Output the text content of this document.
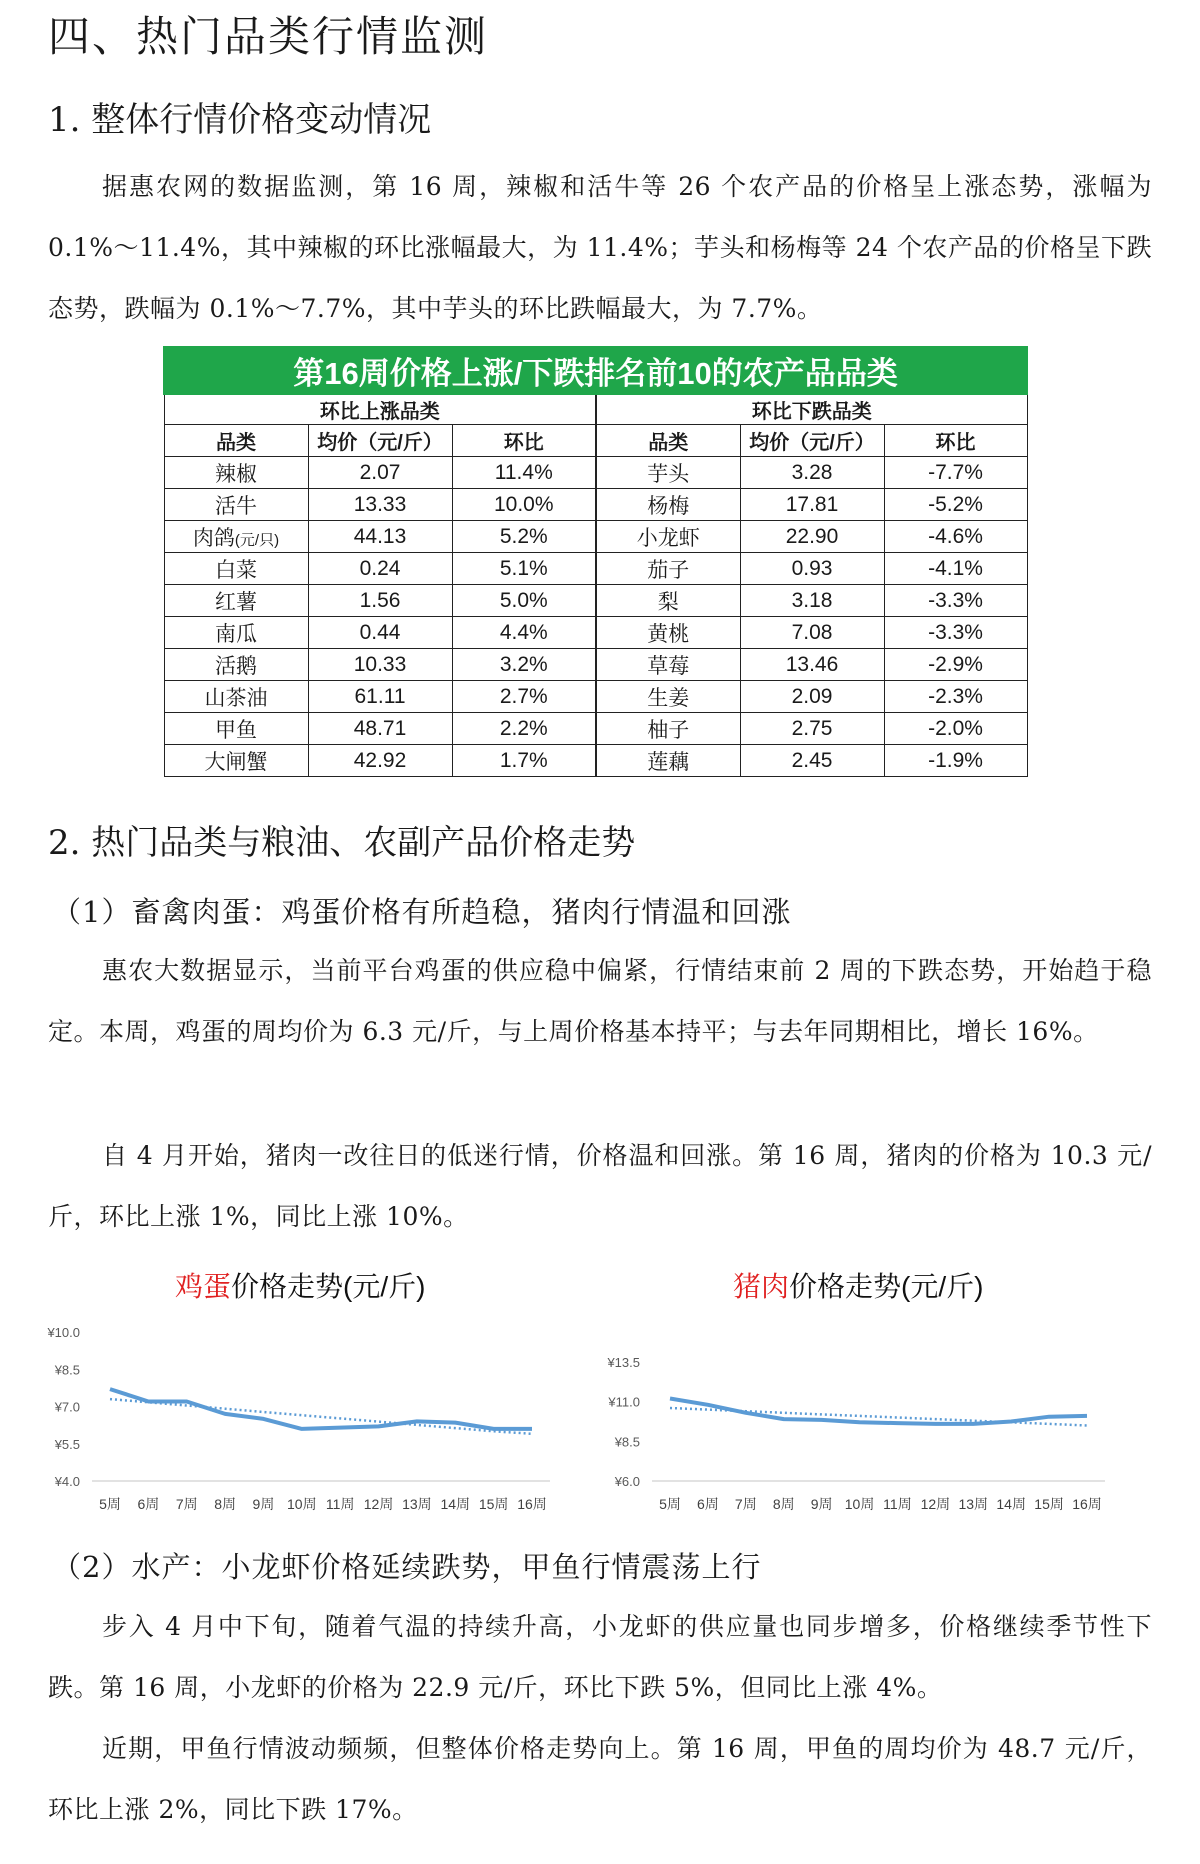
四、热门品类行情监测
1. 整体行情价格变动情况

据惠农网的数据监测，第 16 周，辣椒和活牛等 26 个农产品的价格呈上涨态势，涨幅为 0.1%～11.4%，其中辣椒的环比涨幅最大，为 11.4%；芋头和杨梅等 24 个农产品的价格呈下跌态势，跌幅为 0.1%～7.7%，其中芋头的环比跌幅最大，为 7.7%。

第16周价格上涨/下跌排名前10的农产品品类					
环比上涨品类			环比下跌品类		
品类	均价（元/斤）	环比	品类	均价（元/斤）	环比
辣椒	2.07	11.4%	芋头	3.28	-7.7%
活牛	13.33	10.0%	杨梅	17.81	-5.2%
肉鸽(元/只)	44.13	5.2%	小龙虾	22.90	-4.6%
白菜	0.24	5.1%	茄子	0.93	-4.1%
红薯	1.56	5.0%	梨	3.18	-3.3%
南瓜	0.44	4.4%	黄桃	7.08	-3.3%
活鹅	10.33	3.2%	草莓	13.46	-2.9%
山茶油	61.11	2.7%	生姜	2.09	-2.3%
甲鱼	48.71	2.2%	柚子	2.75	-2.0%
大闸蟹	42.92	1.7%	莲藕	2.45	-1.9%
2. 热门品类与粮油、农副产品价格走势
（1）畜禽肉蛋：鸡蛋价格有所趋稳，猪肉行情温和回涨

惠农大数据显示，当前平台鸡蛋的供应稳中偏紧，行情结束前 2 周的下跌态势，开始趋于稳定。本周，鸡蛋的周均价为 6.3 元/斤，与上周价格基本持平；与去年同期相比，增长 16%。

自 4 月开始，猪肉一改往日的低迷行情，价格温和回涨。第 16 周，猪肉的价格为 10.3 元/斤，环比上涨 1%，同比上涨 10%。

鸡蛋价格走势(元/斤)
¥10.0
¥8.5
¥7.0
¥5.5
¥4.0
5周 6周 7周 8周 9周 10周 11周 12周 13周 14周 15周 16周
猪肉价格走势(元/斤)
¥13.5
¥11.0
¥8.5
¥6.0
5周 6周 7周 8周 9周 10周 11周 12周 13周 14周 15周 16周
（2）水产：小龙虾价格延续跌势，甲鱼行情震荡上行

步入 4 月中下旬，随着气温的持续升高，小龙虾的供应量也同步增多，价格继续季节性下跌。第 16 周，小龙虾的价格为 22.9 元/斤，环比下跌 5%，但同比上涨 4%。

近期，甲鱼行情波动频频，但整体价格走势向上。第 16 周，甲鱼的周均价为 48.7 元/斤，环比上涨 2%，同比下跌 17%。
